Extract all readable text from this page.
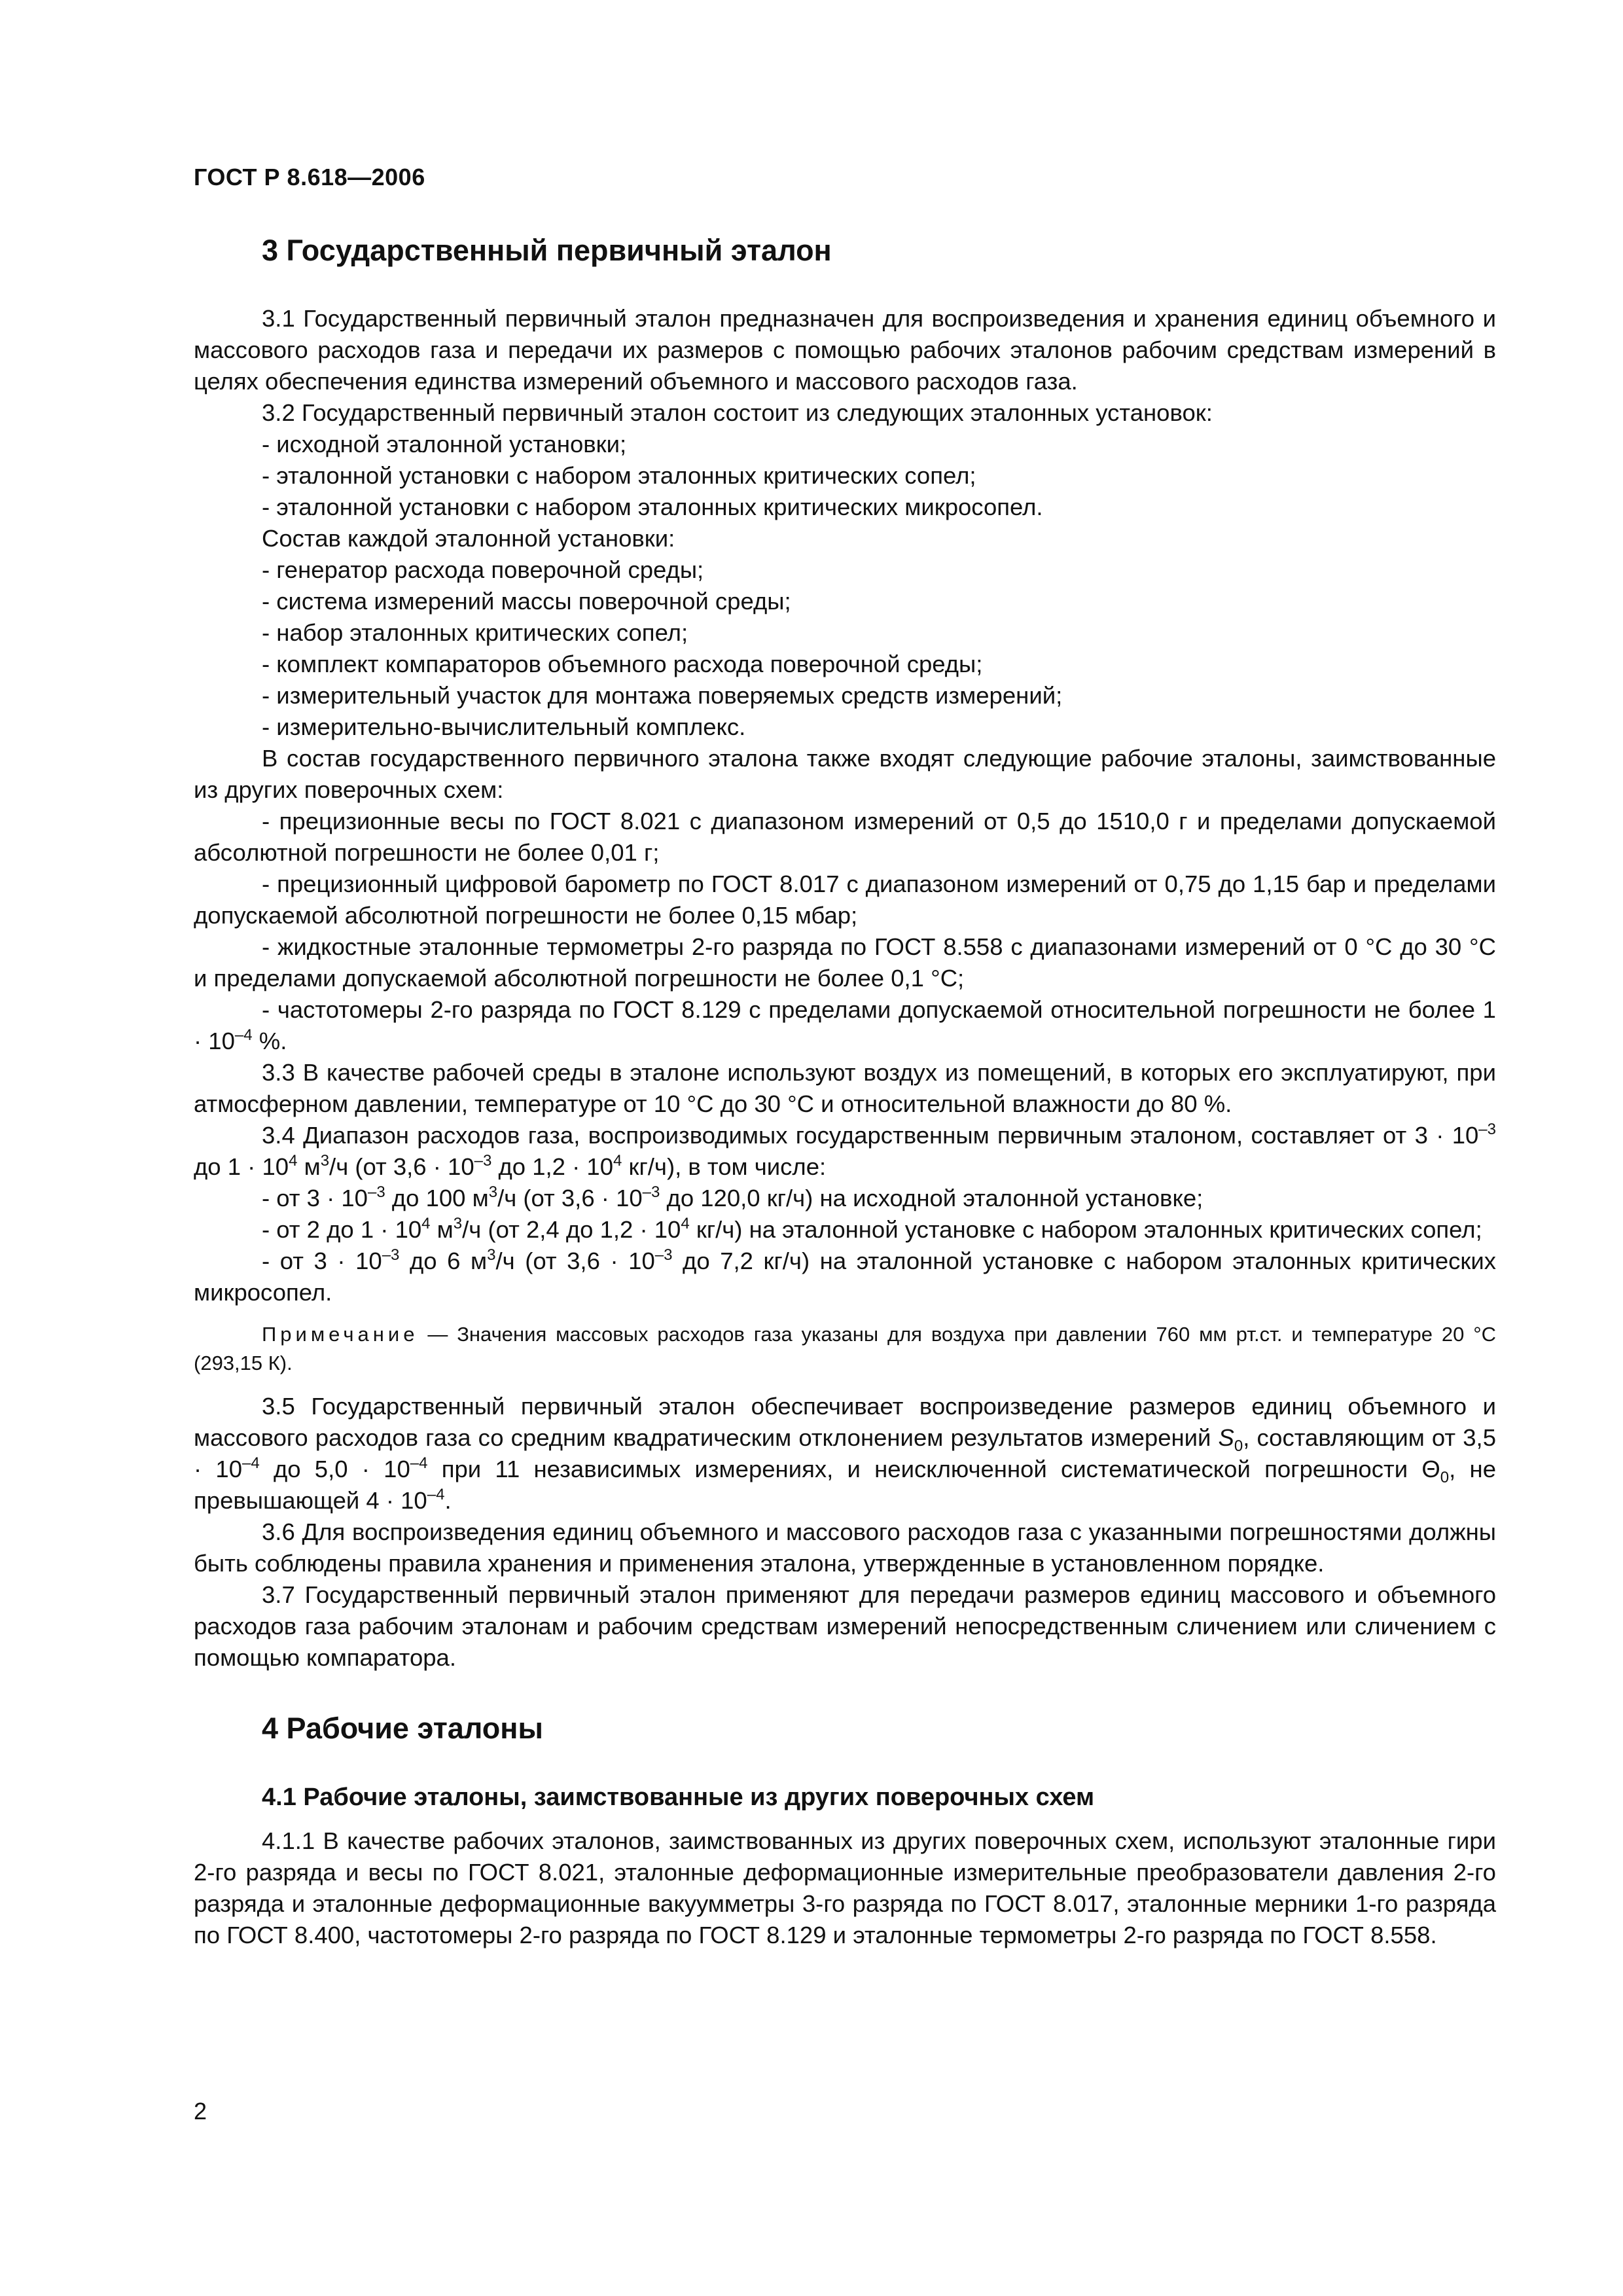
ГОСТ Р 8.618—2006
3 Государственный первичный эталон

3.1 Государственный первичный эталон предназначен для воспроизведения и хранения единиц объемного и массового расходов газа и передачи их размеров с помощью рабочих эталонов рабочим средствам измерений в целях обеспечения единства измерений объемного и массового расходов газа.

3.2 Государственный первичный эталон состоит из следующих эталонных установок:

- исходной эталонной установки;

- эталонной установки с набором эталонных критических сопел;

- эталонной установки с набором эталонных критических микросопел.

Состав каждой эталонной установки:

- генератор расхода поверочной среды;

- система измерений массы поверочной среды;

- набор эталонных критических сопел;

- комплект компараторов объемного расхода поверочной среды;

- измерительный участок для монтажа поверяемых средств измерений;

- измерительно-вычислительный комплекс.

В состав государственного первичного эталона также входят следующие рабочие эталоны, заимствованные из других поверочных схем:

- прецизионные весы по ГОСТ 8.021 с диапазоном измерений от 0,5 до 1510,0 г и пределами допускаемой абсолютной погрешности не более 0,01 г;

- прецизионный цифровой барометр по ГОСТ 8.017 с диапазоном измерений от 0,75 до 1,15 бар и пределами допускаемой абсолютной погрешности не более 0,15 мбар;

- жидкостные эталонные термометры 2-го разряда по ГОСТ 8.558 с диапазонами измерений от 0 °С до 30 °С и пределами допускаемой абсолютной погрешности не более 0,1 °С;

- частотомеры 2-го разряда по ГОСТ 8.129 с пределами допускаемой относительной погрешности не более $1 \cdot 10^{-4}$ %.

3.3 В качестве рабочей среды в эталоне используют воздух из помещений, в которых его эксплуатируют, при атмосферном давлении, температуре от 10 °С до 30 °С и относительной влажности до 80 %.

3.4 Диапазон расходов газа, воспроизводимых государственным первичным эталоном, составляет от $3 \cdot 10^{-3}$ до $1 \cdot 10^4$ $м^3/ч$ (от $3,6 \cdot 10^{-3}$ до $1,2 \cdot 10^4$ кг/ч), в том числе:

- от $3 \cdot 10^{-3}$ до 100 $м^3/ч$ (от $3,6 \cdot 10^{-3}$ до 120,0 кг/ч) на исходной эталонной установке;

- от 2 до $1 \cdot 10^4$ $м^3/ч$ (от 2,4 до $1,2 \cdot 10^4$ кг/ч) на эталонной установке с набором эталонных критических сопел;

- от $3 \cdot 10^{-3}$ до 6 $м^3/ч$ (от $3,6 \cdot 10^{-3}$ до 7,2 кг/ч) на эталонной установке с набором эталонных критических микросопел.

Примечание — Значения массовых расходов газа указаны для воздуха при давлении 760 мм рт.ст. и температуре 20 °С (293,15 К).

3.5 Государственный первичный эталон обеспечивает воспроизведение размеров единиц объемного и массового расходов газа со средним квадратическим отклонением результатов измерений $S_0$, составляющим от $3,5 \cdot 10^{-4}$ до $5,0 \cdot 10^{-4}$ при 11 независимых измерениях, и неисключенной систематической погрешности $\Theta_0$, не превышающей $4 \cdot 10^{-4}$.

3.6 Для воспроизведения единиц объемного и массового расходов газа с указанными погрешностями должны быть соблюдены правила хранения и применения эталона, утвержденные в установленном порядке.

3.7 Государственный первичный эталон применяют для передачи размеров единиц массового и объемного расходов газа рабочим эталонам и рабочим средствам измерений непосредственным сличением или сличением с помощью компаратора.

4 Рабочие эталоны
4.1 Рабочие эталоны, заимствованные из других поверочных схем

4.1.1 В качестве рабочих эталонов, заимствованных из других поверочных схем, используют эталонные гири 2-го разряда и весы по ГОСТ 8.021, эталонные деформационные измерительные преобразователи давления 2-го разряда и эталонные деформационные вакуумметры 3-го разряда по ГОСТ 8.017, эталонные мерники 1-го разряда по ГОСТ 8.400, частотомеры 2-го разряда по ГОСТ 8.129 и эталонные термометры 2-го разряда по ГОСТ 8.558.

2
